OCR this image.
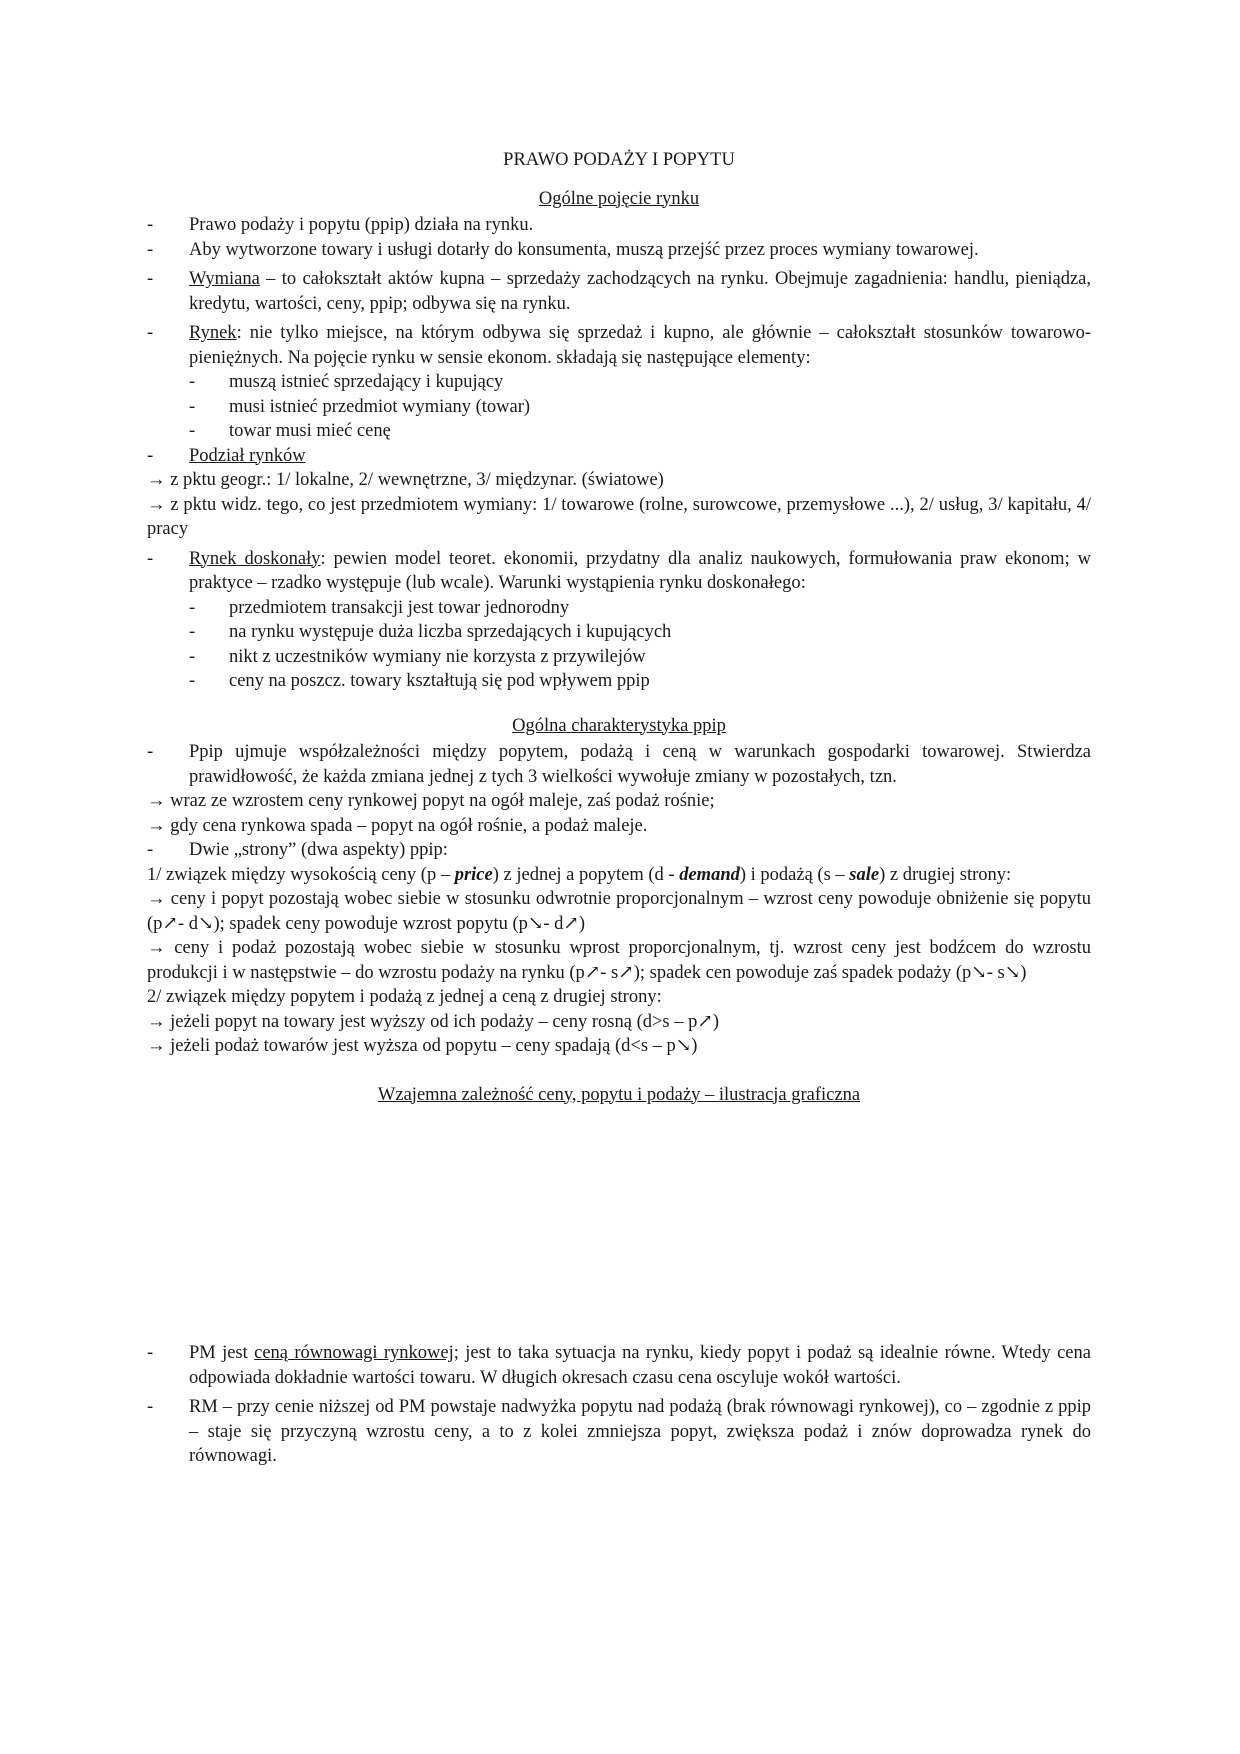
PRAWO PODAŻY I POPYTU

Ogólne pojęcie rynku

- Prawo podaży i popytu (ppip) działa na rynku.

- Aby wytworzone towary i usługi dotarły do konsumenta, muszą przejść przez proces wymiany towarowej.

- Wymiana – to całokształt aktów kupna – sprzedaży zachodzących na rynku. Obejmuje zagadnienia: handlu, pieniądza, kredytu, wartości, ceny, ppip; odbywa się na rynku.

- Rynek: nie tylko miejsce, na którym odbywa się sprzedaż i kupno, ale głównie – całokształt stosunków towarowo-pieniężnych. Na pojęcie rynku w sensie ekonom. składają się następujące elementy:

- muszą istnieć sprzedający i kupujący

- musi istnieć przedmiot wymiany (towar)

- towar musi mieć cenę

- Podział rynków

→ z pktu geogr.: 1/ lokalne, 2/ wewnętrzne, 3/ międzynar. (światowe)

→ z pktu widz. tego, co jest przedmiotem wymiany: 1/ towarowe (rolne, surowcowe, przemysłowe ...), 2/ usług, 3/ kapitału, 4/ pracy

- Rynek doskonały: pewien model teoret. ekonomii, przydatny dla analiz naukowych, formułowania praw ekonom; w praktyce – rzadko występuje (lub wcale). Warunki wystąpienia rynku doskonałego:

- przedmiotem transakcji jest towar jednorodny

- na rynku występuje duża liczba sprzedających i kupujących

- nikt z uczestników wymiany nie korzysta z przywilejów

- ceny na poszcz. towary kształtują się pod wpływem ppip

Ogólna charakterystyka ppip

- Ppip ujmuje współzależności między popytem, podażą i ceną w warunkach gospodarki towarowej. Stwierdza prawidłowość, że każda zmiana jednej z tych 3 wielkości wywołuje zmiany w pozostałych, tzn.

→ wraz ze wzrostem ceny rynkowej popyt na ogół maleje, zaś podaż rośnie;

→ gdy cena rynkowa spada – popyt na ogół rośnie, a podaż maleje.

- Dwie „strony” (dwa aspekty) ppip:

1/ związek między wysokością ceny (p – price) z jednej a popytem (d - demand) i podażą (s – sale) z drugiej strony:

→ ceny i popyt pozostają wobec siebie w stosunku odwrotnie proporcjonalnym – wzrost ceny powoduje obniżenie się popytu (p↗- d↘); spadek ceny powoduje wzrost popytu (p↘- d↗)

→ ceny i podaż pozostają wobec siebie w stosunku wprost proporcjonalnym, tj. wzrost ceny jest bodźcem do wzrostu produkcji i w następstwie – do wzrostu podaży na rynku (p↗- s↗); spadek cen powoduje zaś spadek podaży (p↘- s↘)

2/ związek między popytem i podażą z jednej a ceną z drugiej strony:

→ jeżeli popyt na towary jest wyższy od ich podaży – ceny rosną (d>s – p↗)

→ jeżeli podaż towarów jest wyższa od popytu – ceny spadają (d<s – p↘)

Wzajemna zależność ceny, popytu i podaży – ilustracja graficzna

- PM jest ceną równowagi rynkowej; jest to taka sytuacja na rynku, kiedy popyt i podaż są idealnie równe. Wtedy cena odpowiada dokładnie wartości towaru. W długich okresach czasu cena oscyluje wokół wartości.

- RM – przy cenie niższej od PM powstaje nadwyżka popytu nad podażą (brak równowagi rynkowej), co – zgodnie z ppip – staje się przyczyną wzrostu ceny, a to z kolei zmniejsza popyt, zwiększa podaż i znów doprowadza rynek do równowagi.
